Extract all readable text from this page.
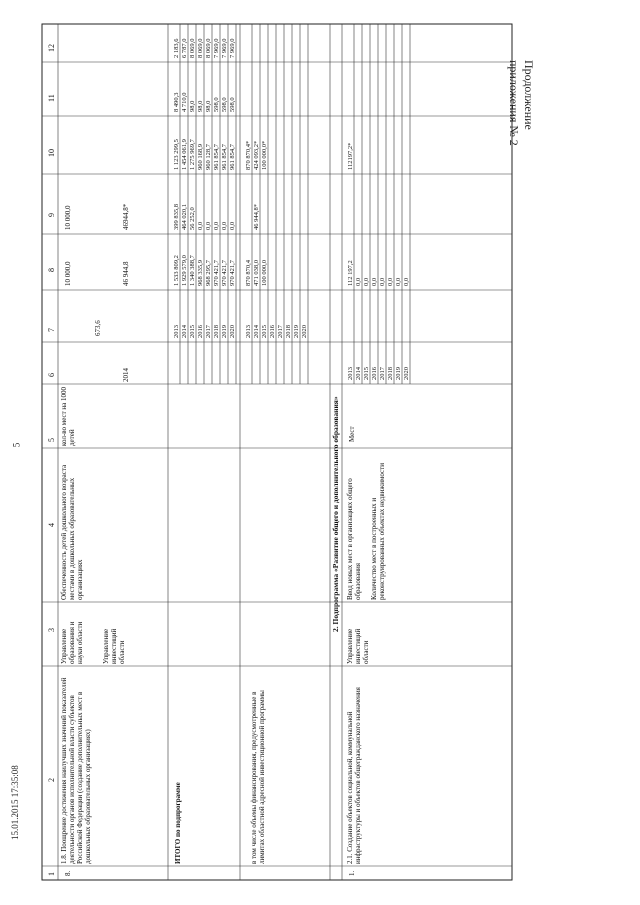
5
Продолжение приложения № 2
15.01.2015 17:35:08
1
2
3
4
5
6
7
8
9
10
11
12
8.
1.8. Поощрение достижения наилучших значений показателей деятельности органов исполнительной власти субъектов Российской Федерации (создание дополнительных мест в дошкольных образовательных организациях)
Управление образования и науки области	Управление инвестиций области
Обеспеченность детей дошкольного возраста местами в дошкольных образовательных организациях
кол-во мест на 1000 детей
2014
673,6
10 000,0
10 000,0
46 944,8
46944,8*
ИТОГО по подпрограмме
2013
1 533 809,2
399 835,8
1 123 299,5
8 490,3
2 183,6
2014
1 929 579,0
464 020,1
1 454 061,9
4 710,0
6 787,0
2015
1 340 388,7
56 252,0
1 275 969,7
98,0
8 069,0
2016
968 335,9
0,0
960 168,9
98,0
8 069,0
2017
968 295,7
0,0
960 128,7
98,0
8 069,0
2018
970 421,7
0,0
961 854,7
598,0
7 969,0
2019
970 421,7
0,0
961 854,7
598,0
7 969,0
2020
970 421,7
0,0
961 854,7
598,0
7 969,0
в том числе объемы финансирования, предусмотренные в лимитах областной адресной инвестиционной программы
2013
870 870,4
870 870,4*
2014
471 038,0
46 944,8*
424 093,2*
2015
100 000,0
100 000,0*
2016 2017 2018 2019 2020
2. Подпрограмма «Развитие общего и дополнительного образования»
1.
2.1. Создание объектов социальной, коммунальной инфраструктуры и объектов общегражданского назначения
Управление инвестиций области
Ввод новых мест в организациях общего образования Количество мест в построенных и реконструированных объектах недвижимости
Мест
2013
112 197,2
112197,2*
2014
0,0
2015
0,0
2016
0,0
2017
0,0
2018
0,0
2019
0,0
2020
0,0
